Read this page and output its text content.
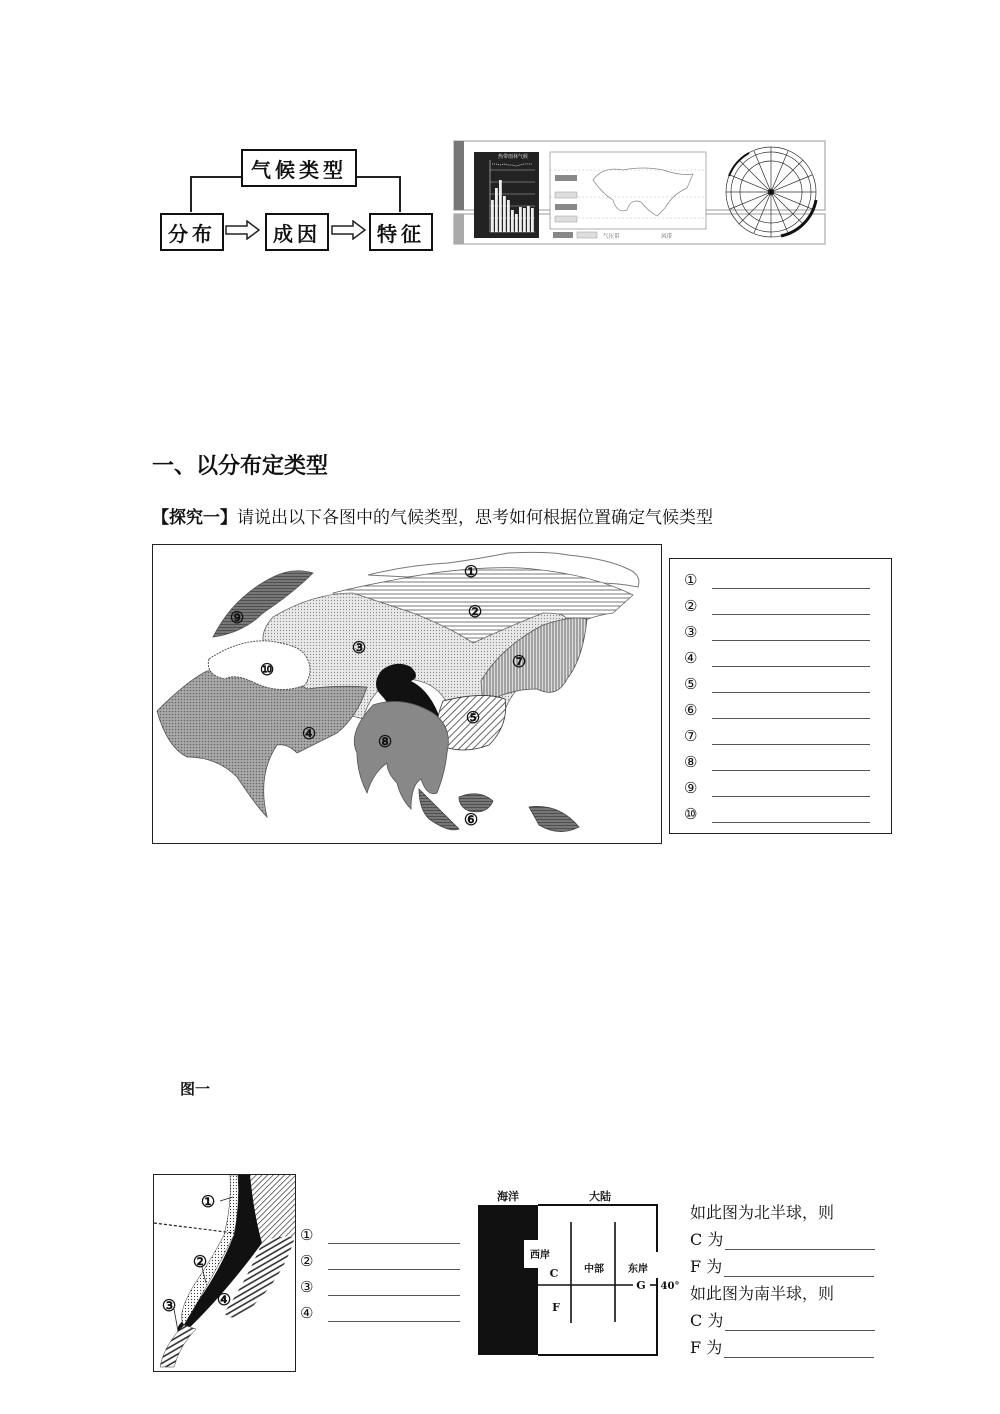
气候类型
分布	成因	特征
热带雨林气候
气压带	风带
一、以分布定类型
【探究一】请说出以下各图中的气候类型，思考如何根据位置确定气候类型
①
②
③
④
⑤
⑥
⑦
⑧
⑨
⑩
①
②
③
④
⑤
⑥
⑦
⑧
⑨
⑩
图一
①
②
③	④
①
②
③
④
海洋	大陆
西岸
C	中部 东岸
G
F
40°
如此图为北半球，则
C 为
F 为
如此图为南半球，则
C 为
F 为
